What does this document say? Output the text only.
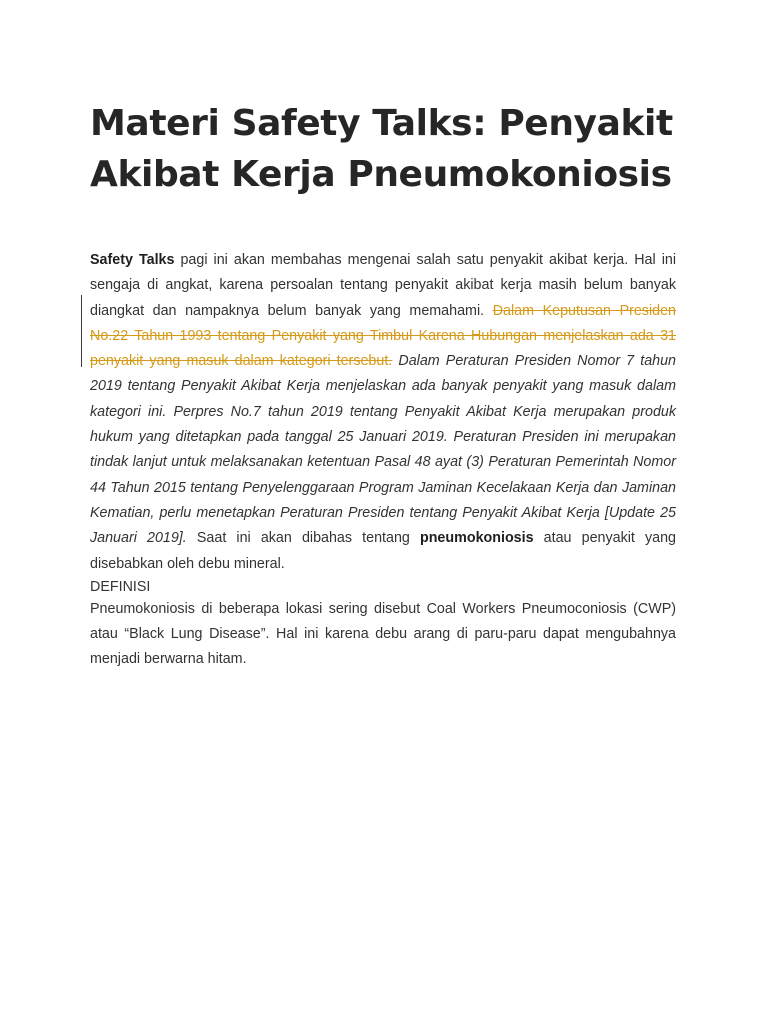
Materi Safety Talks: Penyakit Akibat Kerja Pneumokoniosis

Safety Talks pagi ini akan membahas mengenai salah satu penyakit akibat kerja. Hal ini sengaja di angkat, karena persoalan tentang penyakit akibat kerja masih belum banyak diangkat dan nampaknya belum banyak yang memahami. Dalam Keputusan Presiden No.22 Tahun 1993 tentang Penyakit yang Timbul Karena Hubungan menjelaskan ada 31 penyakit yang masuk dalam kategori tersebut. Dalam Peraturan Presiden Nomor 7 tahun 2019 tentang Penyakit Akibat Kerja menjelaskan ada banyak penyakit yang masuk dalam kategori ini. Perpres No.7 tahun 2019 tentang Penyakit Akibat Kerja merupakan produk hukum yang ditetapkan pada tanggal 25 Januari 2019. Peraturan Presiden ini merupakan tindak lanjut untuk melaksanakan ketentuan Pasal 48 ayat (3) Peraturan Pemerintah Nomor 44 Tahun 2015 tentang Penyelenggaraan Program Jaminan Kecelakaan Kerja dan Jaminan Kematian, perlu menetapkan Peraturan Presiden tentang Penyakit Akibat Kerja [Update 25 Januari 2019]. Saat ini akan dibahas tentang pneumokoniosis atau penyakit yang disebabkan oleh debu mineral.

DEFINISI

Pneumokoniosis di beberapa lokasi sering disebut Coal Workers Pneumoconiosis (CWP) atau “Black Lung Disease”. Hal ini karena debu arang di paru-paru dapat mengubahnya menjadi berwarna hitam.
